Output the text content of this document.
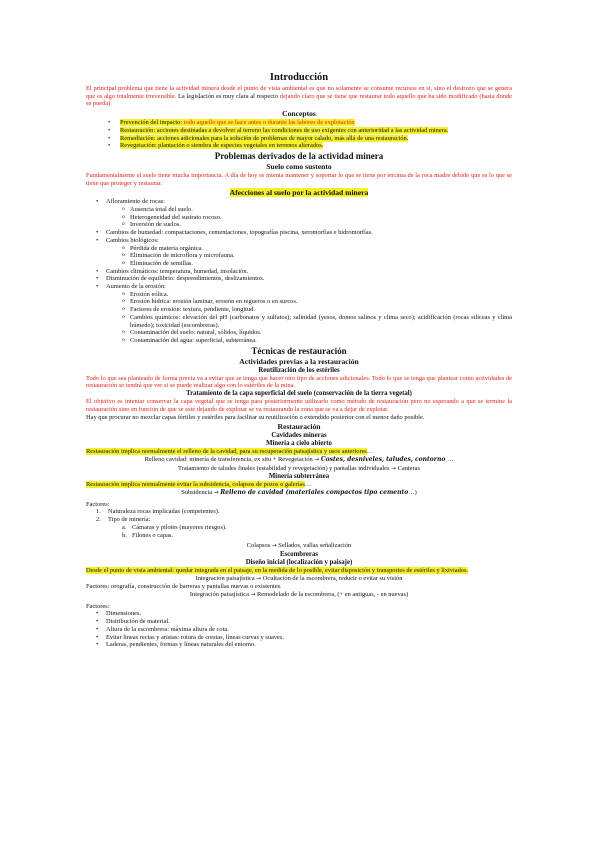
Introducción

El principal problema que tiene la actividad minera desde el punto de vista ambiental es que no solamente se consume recursos en si, sino el destrozo que se genera que es algo totalmente irreversible. La legislación es muy clara al respecto dejando claro que se tiene que restaurar todo aquello que ha sido modificado (hasta donde se pueda)

Conceptos
• Prevención del impacto: todo aquello que se hace antes o durante las labores de explotación
• Restauración: acciones destinadas a devolver al terreno las condiciones de uso exigentes con anterioridad a las actividad minera.
• Remediación: acciones adicionales para la solución de problemas de mayor calado, más allá de una restauración.
• Revegetación: plantación o siembra de especies vegetales en terrenos alterados.
Problemas derivados de la actividad minera
Suelo como sustento

Fundamentalmente el suelo tiene mucha importancia. A día de hoy se intenta mantener y soportar lo que se tiene por encima de la roca madre debido que es lo que se tiene que proteger y restaurar.

Afecciones al suelo por la actividad minera
• Afloramiento de rocas:
o Ausencia total del suelo.
o Heterogeneidad del sustrato rocoso.
o Inversión de suelos.
• Cambios de humedad: compactaciones, cementaciones, topografías piscina, xeromorfías e hidromorfías.
• Cambios biológicos:
o Pérdida de materia orgánica.
o Eliminación de microflora y microfauna.
o Eliminación de semillas.
• Cambios climáticos: temperatura, humedad, insolación.
• Disminución de equilibrio: desprendimientos, deslizamientos.
• Aumento de la erosión:
o Erosión eólica.
o Erosión hídrica: erosión laminar, erosión en regueros o en surcos.
o Factores de erosión: textura, pendiente, longitud.
o Cambios químicos: elevación del pH (carbonatos y sulfatos); salinidad (yesos, domos salinos y clima seco); acidificación (rocas silíceas y clima húmedo); toxicidad (escombreras).
o Contaminación del suelo: natural, sólidos, líquidos.
o Contaminación del agua: superficial, subterránea.
Técnicas de restauración
Actividades previas a la restauración
Reutilización de los estériles

Todo lo que sea planteado de forma previa va a evitar que se tenga que hacer otro tipo de acciones adicionales. Todo lo que se tenga que plantear como actividades de restauración se tendrá que ver si se puede realizar algo con lo estériles de la mina.

Tratamiento de la capa superficial del suelo (conservación de la tierra vegetal)

El objetivo es intentar conservar la capa vegetal que se tenga para posteriormente utilizarlo como método de restauración pero no esperando a que se termine la restauración sino en función de que se esté dejando de explotar se va restaurando la zona que se va a dejar de explotar.

Hay que procurar no mezclar capas fértiles y estériles para facilitar su reutilización o extendido posterior con el menor daño posible.

Restauración
Cavidades mineras
Minería a cielo abierto

Restauración implica normalmente el relleno de la cavidad, para su recuperación paisajística y usos anteriores…

Relleno cavidad: minería de transferencia, ex situ + Revegetación → Costes, desniveles, taludes, contorno …

Tratamiento de taludes finales (estabilidad y revegetación) y pantallas individuales → Canteras

Minería subterránea

Restauración implica normalmente evitar la subsidencia, colapsos de pozos o galerías…

Subsidencia → Relleno de cavidad (materiales compactos tipo cemento…)

Factores:

1. Naturaleza rocas implicadas (competentes).
2. Tipo de minería:
a. Cámaras y pilotes (mayores riesgos).
b. Filones o capas.

Colapsos → Sellados, vallas señalización

Escombreras
Diseño inicial (localización y paisaje)

Desde el punto de vista ambiental: quedar integrada en el paisaje, en la medida de lo posible, evitar disposición y transportes de estériles y lixiviados.

Integración paisajística → Ocultación de la escombrera, reducir o evitar su visión

Factores: orografía, construcción de barreras y pantallas nuevas o existentes.

Integración paisajística → Remodelado de la escombrera, (+ en antiguas, - en nuevas)

Factores:

• Dimensiones.
• Distribución de material.
• Altura de la escombrera: máxima altura de cota.
• Evitar líneas rectas y aristas: rotura de crestas, líneas curvas y suaves.
• Laderas, pendientes, formas y líneas naturales del entorno.
